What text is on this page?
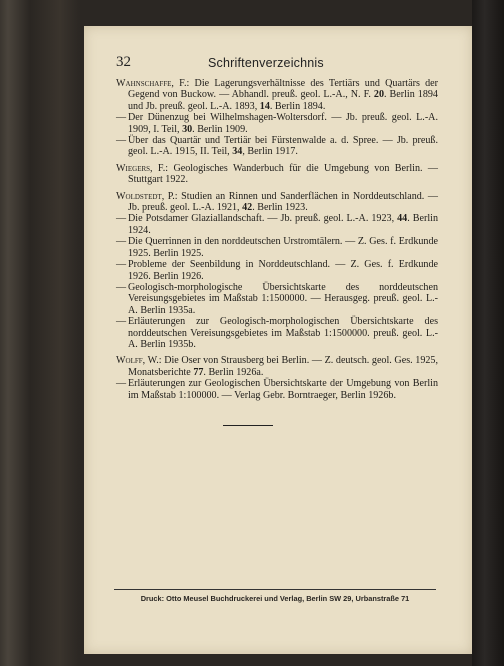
32	Schriftenverzeichnis

Wahnschaffe, F.: Die Lagerungsverhältnisse des Tertiärs und Quartärs der Gegend von Buckow. — Abhandl. preuß. geol. L.-A., N. F. 20. Berlin 1894 und Jb. preuß. geol. L.-A. 1893, 14. Berlin 1894.

— Der Dünenzug bei Wilhelmshagen-Woltersdorf. — Jb. preuß. geol. L.-A. 1909, I. Teil, 30. Berlin 1909.

— Über das Quartär und Tertiär bei Fürstenwalde a. d. Spree. — Jb. preuß. geol. L.-A. 1915, II. Teil, 34, Berlin 1917.

Wiegers, F.: Geologisches Wanderbuch für die Umgebung von Berlin. — Stuttgart 1922.

Woldstedt, P.: Studien an Rinnen und Sanderflächen in Norddeutschland. — Jb. preuß. geol. L.-A. 1921, 42. Berlin 1923.

— Die Potsdamer Glaziallandschaft. — Jb. preuß. geol. L.-A. 1923, 44. Berlin 1924.

— Die Querrinnen in den norddeutschen Urstromtälern. — Z. Ges. f. Erdkunde 1925. Berlin 1925.

— Probleme der Seenbildung in Norddeutschland. — Z. Ges. f. Erdkunde 1926. Berlin 1926.

— Geologisch-morphologische Übersichtskarte des norddeutschen Vereisungsgebietes im Maßstab 1:1500000. — Herausgeg. preuß. geol. L.-A. Berlin 1935a.

— Erläuterungen zur Geologisch-morphologischen Übersichtskarte des norddeutschen Vereisungsgebietes im Maßstab 1:1500000. preuß. geol. L.-A. Berlin 1935b.

Wolff, W.: Die Oser von Strausberg bei Berlin. — Z. deutsch. geol. Ges. 1925, Monatsberichte 77. Berlin 1926a.

— Erläuterungen zur Geologischen Übersichtskarte der Umgebung von Berlin im Maßstab 1:100000. — Verlag Gebr. Borntraeger, Berlin 1926b.

Druck: Otto Meusel Buchdruckerei und Verlag, Berlin SW 29, Urbanstraße 71
